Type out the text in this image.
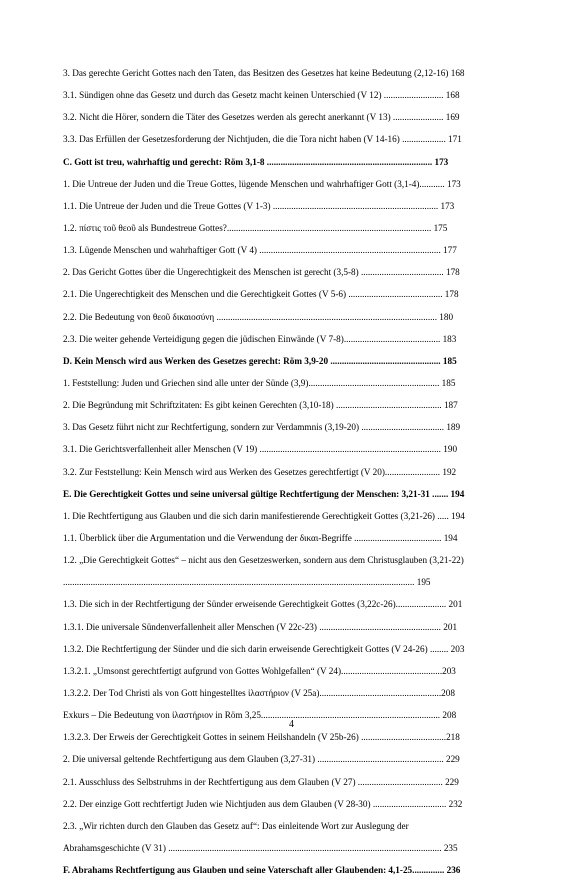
3. Das gerechte Gericht Gottes nach den Taten, das Besitzen des Gesetzes hat keine Bedeutung (2,12-16) 168
3.1. Sündigen ohne das Gesetz und durch das Gesetz macht keinen Unterschied (V 12) .......................... 168
3.2. Nicht die Hörer, sondern die Täter des Gesetzes werden als gerecht anerkannt (V 13) ...................... 169
3.3. Das Erfüllen der Gesetzesforderung der Nichtjuden, die die Tora nicht haben (V 14-16) ................... 171
C. Gott ist treu, wahrhaftig und gerecht: Röm 3,1-8 ........................................................................ 173
1. Die Untreue der Juden und die Treue Gottes, lügende Menschen und wahrhaftiger Gott (3,1-4)........... 173
1.1. Die Untreue der Juden und die Treue Gottes (V 1-3) ........................................................................ 173
1.2. πίστις τοῦ θεοῦ als Bundestreue Gottes?......................................................................................... 175
1.3. Lügende Menschen und wahrhaftiger Gott (V 4) ............................................................................... 177
2. Das Gericht Gottes über die Ungerechtigkeit des Menschen ist gerecht (3,5-8) .................................... 178
2.1. Die Ungerechtigkeit des Menschen und die Gerechtigkeit Gottes (V 5-6) ......................................... 178
2.2. Die Bedeutung von θεοῦ δικαιοσύνη ................................................................................................ 180
2.3. Die weiter gehende Verteidigung gegen die jüdischen Einwände (V 7-8).......................................... 183
D. Kein Mensch wird aus Werken des Gesetzes gerecht: Röm 3,9-20 ................................................ 185
1. Feststellung: Juden und Griechen sind alle unter der Sünde (3,9)......................................................... 185
2. Die Begründung mit Schriftzitaten: Es gibt keinen Gerechten (3,10-18) .............................................. 187
3. Das Gesetz führt nicht zur Rechtfertigung, sondern zur Verdammnis (3,19-20) .................................... 189
3.1. Die Gerichtsverfallenheit aller Menschen (V 19) ............................................................................... 190
3.2. Zur Feststellung: Kein Mensch wird aus Werken des Gesetzes gerechtfertigt (V 20)........................ 192
E. Die Gerechtigkeit Gottes und seine universal gültige Rechtfertigung der Menschen: 3,21-31 ....... 194
1. Die Rechtfertigung aus Glauben und die sich darin manifestierende Gerechtigkeit Gottes (3,21-26) ..... 194
1.1. Überblick über die Argumentation und die Verwendung der δικαι-Begriffe ...................................... 194
1.2. „Die Gerechtigkeit Gottes“ – nicht aus den Gesetzeswerken, sondern aus dem Christusglauben (3,21-22)
......................................................................................................................................................... 195
1.3. Die sich in der Rechtfertigung der Sünder erweisende Gerechtigkeit Gottes (3,22c-26)...................... 201
1.3.1. Die universale Sündenverfallenheit aller Menschen (V 22c-23) ..................................................... 201
1.3.2. Die Rechtfertigung der Sünder und die sich darin erweisende Gerechtigkeit Gottes (V 24-26) ........ 203
1.3.2.1. „Umsonst gerechtfertigt aufgrund von Gottes Wohlgefallen“ (V 24)............................................203
1.3.2.2. Der Tod Christi als von Gott hingestelltes ἱλαστήριον (V 25a).....................................................208
Exkurs – Die Bedeutung von ἱλαστήριον in Röm 3,25.............................................................................. 208
1.3.2.3. Der Erweis der Gerechtigkeit Gottes in seinem Heilshandeln (V 25b-26) .....................................218
2. Die universal geltende Rechtfertigung aus dem Glauben (3,27-31) ....................................................... 229
2.1. Ausschluss des Selbstruhms in der Rechtfertigung aus dem Glauben (V 27) ..................................... 229
2.2. Der einzige Gott rechtfertigt Juden wie Nichtjuden aus dem Glauben (V 28-30) ................................ 232
2.3. „Wir richten durch den Glauben das Gesetz auf“: Das einleitende Wort zur Auslegung der
Abrahamsgeschichte (V 31) ....................................................................................................................... 235
F. Abrahams Rechtfertigung aus Glauben und seine Vaterschaft aller Glaubenden: 4,1-25.............. 236
4
